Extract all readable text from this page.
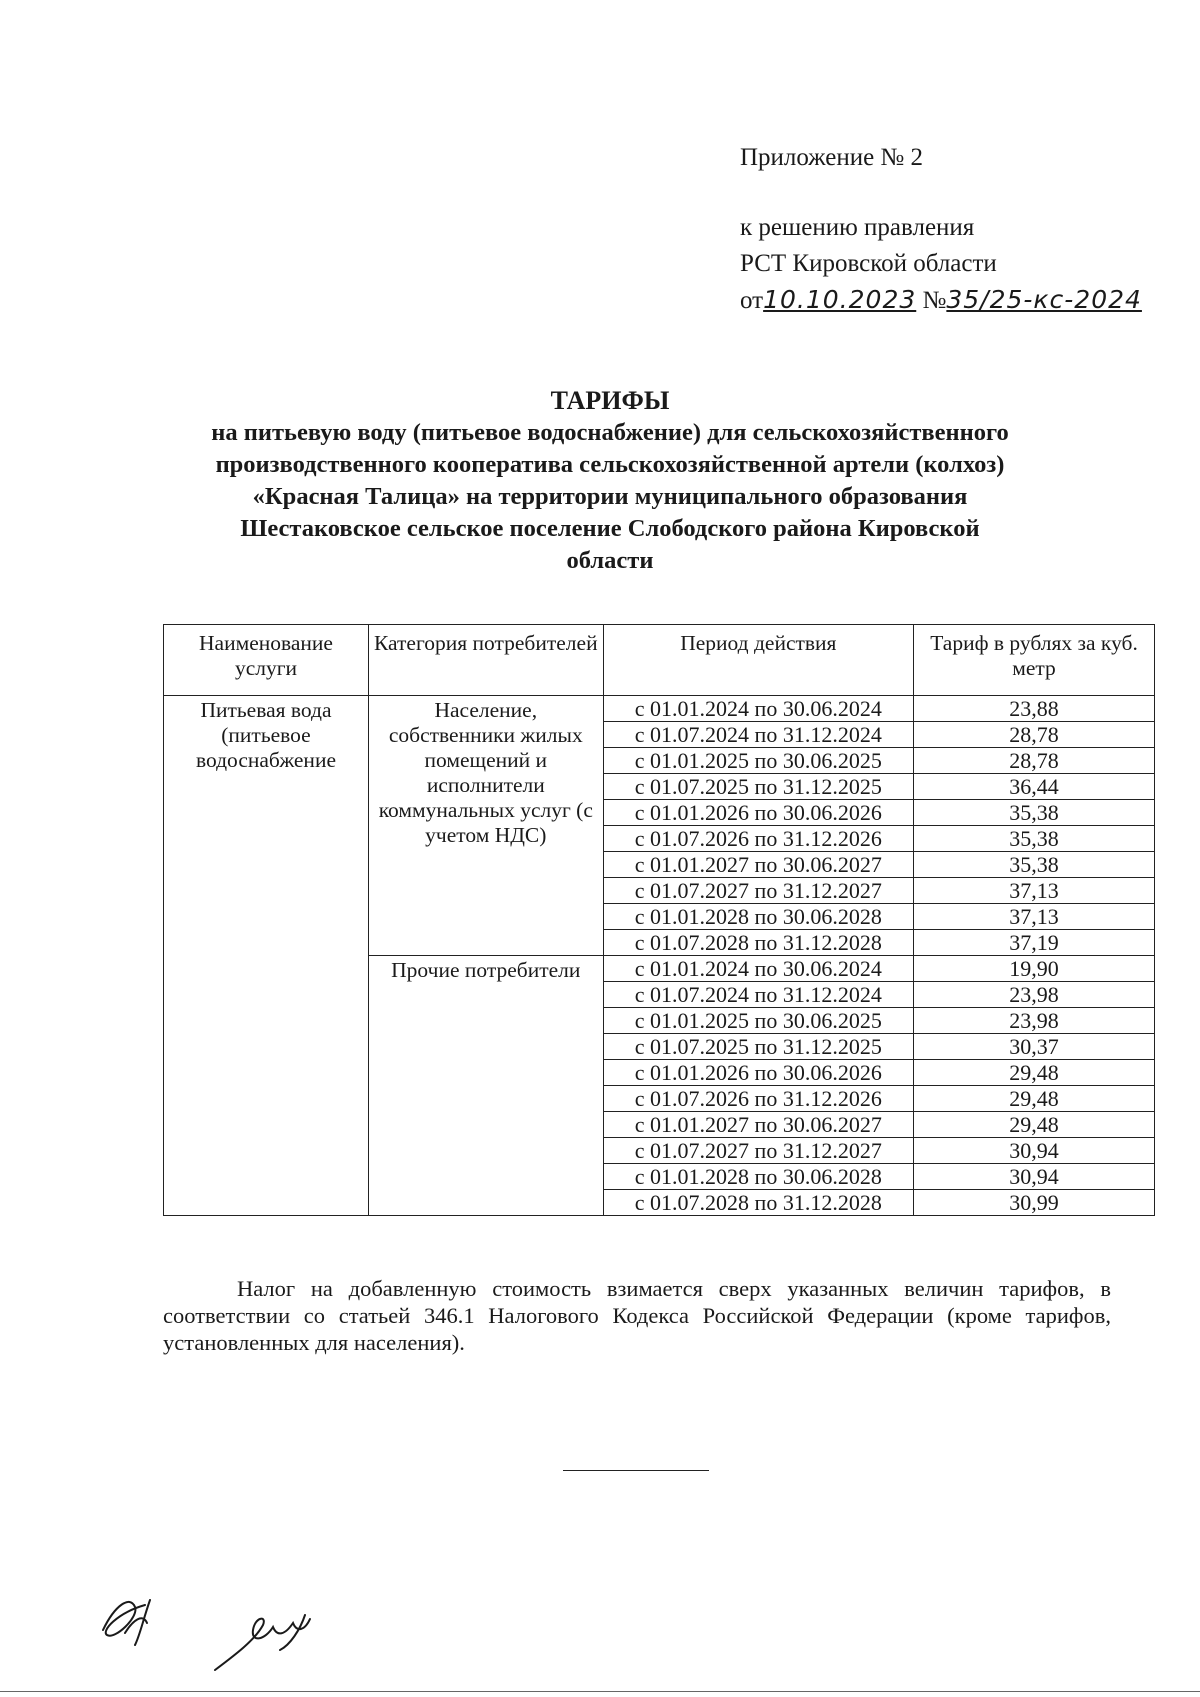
Приложение № 2
к решению правления
РСТ Кировской области
от10.10.2023 №35/25-кс-2024
ТАРИФЫ
на питьевую воду (питьевое водоснабжение) для сельскохозяйственного
производственного кооператива сельскохозяйственной артели (колхоз)
«Красная Талица» на территории муниципального образования
Шестаковское сельское поселение Слободского района Кировской
области
Наименование услуги	Категория потребителей	Период действия	Тариф в рублях за куб. метр
Питьевая вода (питьевое водоснабжение	Население, собственники жилых помещений и исполнители коммунальных услуг (с учетом НДС)	с 01.01.2024 по 30.06.2024	23,88
		с 01.07.2024 по 31.12.2024	28,78
		с 01.01.2025 по 30.06.2025	28,78
		с 01.07.2025 по 31.12.2025	36,44
		с 01.01.2026 по 30.06.2026	35,38
		с 01.07.2026 по 31.12.2026	35,38
		с 01.01.2027 по 30.06.2027	35,38
		с 01.07.2027 по 31.12.2027	37,13
		с 01.01.2028 по 30.06.2028	37,13
		с 01.07.2028 по 31.12.2028	37,19
	Прочие потребители	с 01.01.2024 по 30.06.2024	19,90
		с 01.07.2024 по 31.12.2024	23,98
		с 01.01.2025 по 30.06.2025	23,98
		с 01.07.2025 по 31.12.2025	30,37
		с 01.01.2026 по 30.06.2026	29,48
		с 01.07.2026 по 31.12.2026	29,48
		с 01.01.2027 по 30.06.2027	29,48
		с 01.07.2027 по 31.12.2027	30,94
		с 01.01.2028 по 30.06.2028	30,94
		с 01.07.2028 по 31.12.2028	30,99
Налог на добавленную стоимость взимается сверх указанных величин тарифов, в соответствии со статьей 346.1 Налогового Кодекса Российской Федерации (кроме тарифов, установленных для населения).
